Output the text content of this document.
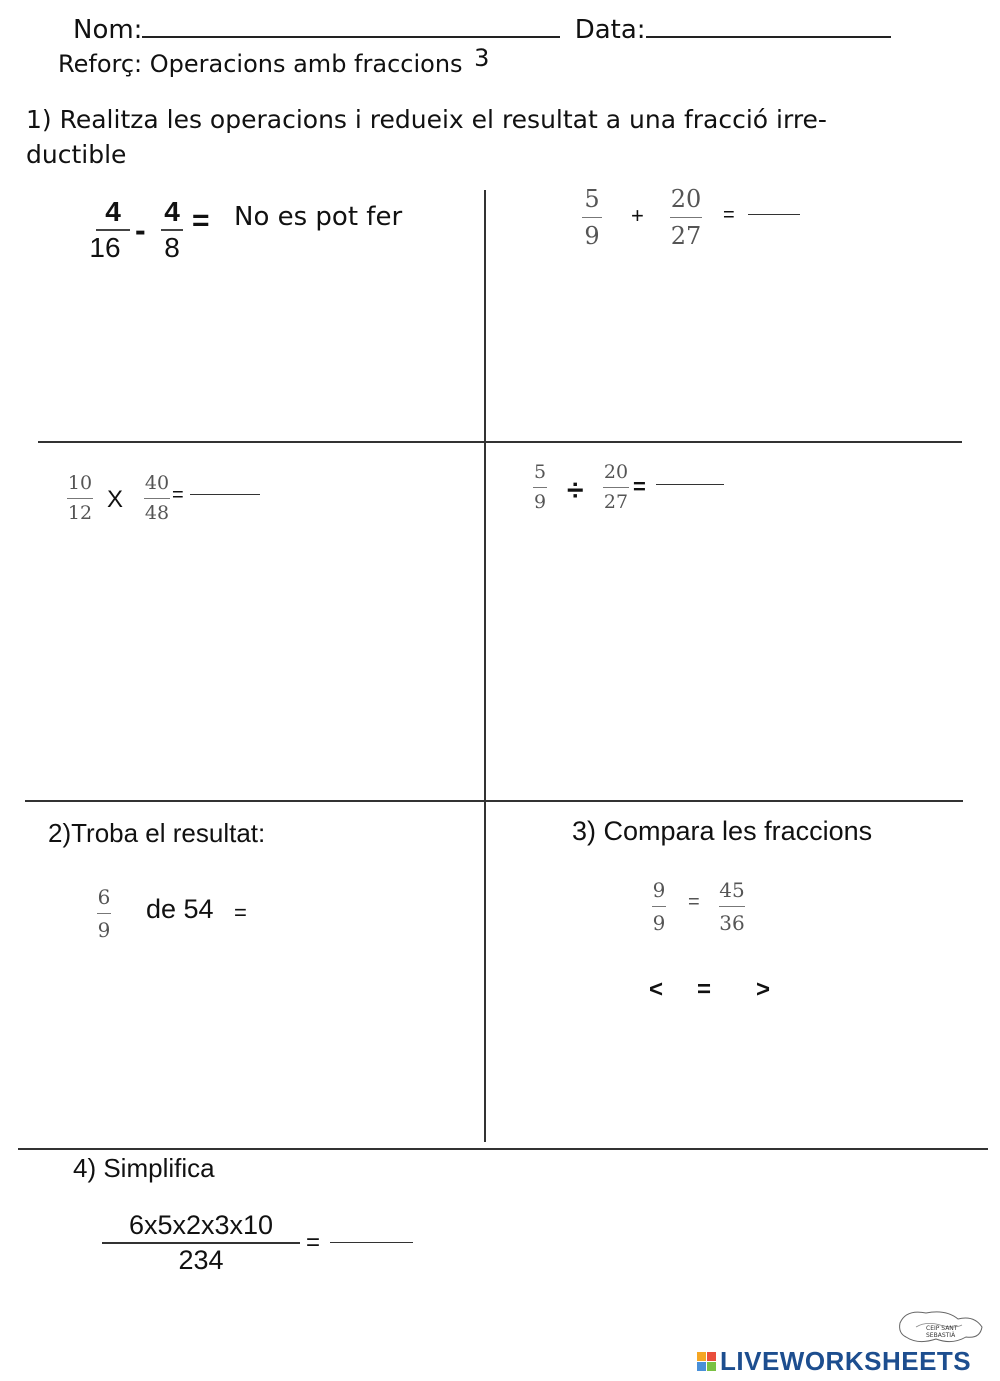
Nom:	Data:
Reforç: Operacions amb fraccions 3
1) Realitza les operacions i redueix el resultat a una fracció irre-
ductible
4
16 -
4
8
= No es pot fer
5
9
+
20
27
=
10
12 X
40
48
=
5
9 ÷
20
27
=
2)Troba el resultat:
6
9
de 54 =
3) Compara les fraccions
9
9
= 45
36
< = >
4) Simplifica
6x5x2x3x10
234
=
CEIP SANT SEBASTIÀ
LIVEWORKSHEETS
